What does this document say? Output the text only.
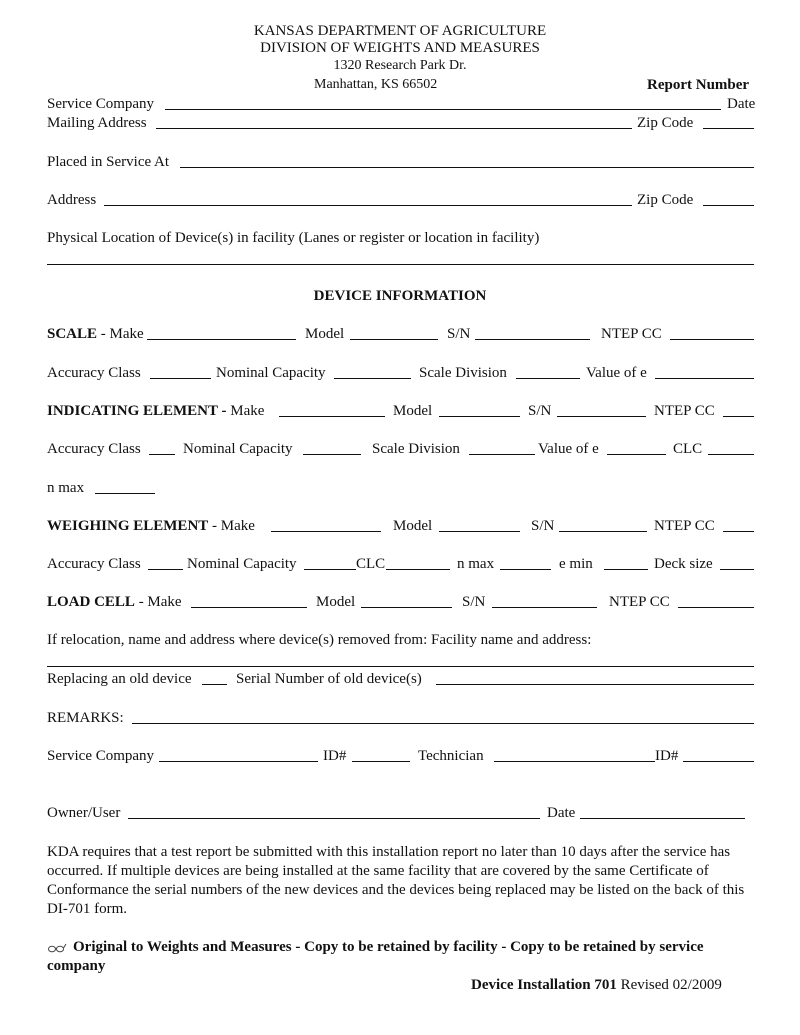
KANSAS DEPARTMENT OF AGRICULTURE
DIVISION OF WEIGHTS AND MEASURES
1320 Research Park Dr.
Manhattan, KS 66502	Report Number
Service Company	Date
Mailing Address	Zip Code
Placed in Service At
Address	Zip Code
Physical Location of Device(s) in facility (Lanes or register or location in facility)
DEVICE INFORMATION
SCALE - Make	Model	S/N	NTEP CC
Accuracy Class	Nominal Capacity	Scale Division	Value of e
INDICATING ELEMENT - Make	Model	S/N	NTEP CC
Accuracy Class	Nominal Capacity	Scale Division	Value of e	CLC
n max
WEIGHING ELEMENT - Make	Model	S/N	NTEP CC
Accuracy Class	Nominal Capacity	CLC	n max	e min	Deck size
LOAD CELL - Make	Model	S/N	NTEP CC
If relocation, name and address where device(s) removed from: Facility name and address:
Replacing an old device	Serial Number of old device(s)
REMARKS:
Service Company	ID#	Technician	ID#
Owner/User	Date
KDA requires that a test report be submitted with this installation report no later than 10 days after the service has occurred. If multiple devices are being installed at the same facility that are covered by the same Certificate of Conformance the serial numbers of the new devices and the devices being replaced may be listed on the back of this DI-701 form.
Original to Weights and Measures - Copy to be retained by facility - Copy to be retained by service company
Device Installation 701 Revised 02/2009
